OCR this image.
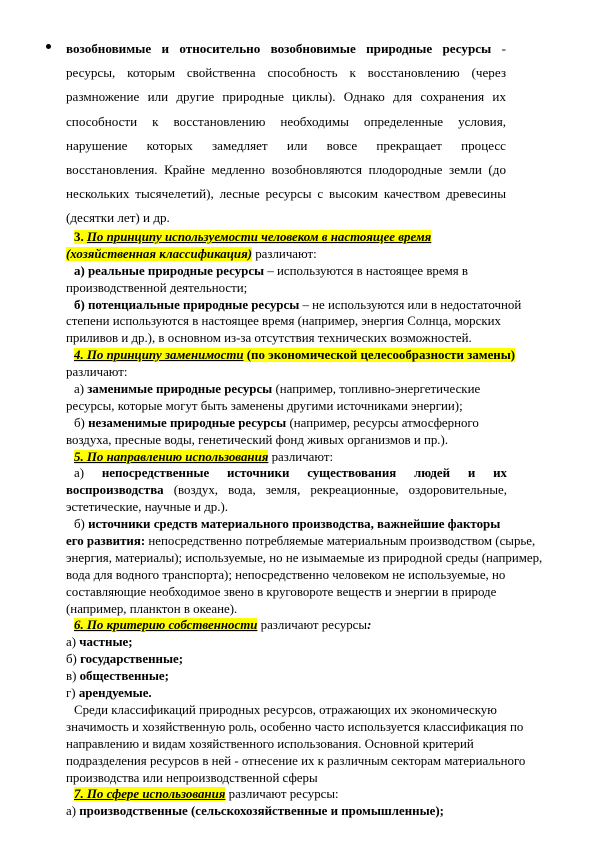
возобновимые и относительно возобновимые природные ресурсы -
ресурсы, которым свойственна способность к восстановлению (через
размножение или другие природные циклы). Однако для сохранения их
способности к восстановлению необходимы определенные условия,
нарушение которых замедляет или вовсе прекращает процесс
восстановления. Крайне медленно возобновляются плодородные земли (до
нескольких тысячелетий), лесные ресурсы с высоким качеством древесины
(десятки лет) и др.
3. По принципу используемости человеком в настоящее время
(хозяйственная классификация) различают:
а) реальные природные ресурсы – используются в настоящее время в
производственной деятельности;
б) потенциальные природные ресурсы – не используются или в недостаточной
степени используются в настоящее время (например, энергия Солнца, морских
приливов и др.), в основном из-за отсутствия технических возможностей.
4. По принципу заменимости (по экономической целесообразности замены)
различают:
а) заменимые природные ресурсы (например, топливно-энергетические
ресурсы, которые могут быть заменены другими источниками энергии);
б) незаменимые природные ресурсы (например, ресурсы атмосферного
воздуха, пресные воды, генетический фонд живых организмов и пр.).
5. По направлению использования различают:
а) непосредственные источники существования людей и их
воспроизводства (воздух, вода, земля, рекреационные, оздоровительные,
эстетические, научные и др.).
б) источники средств материального производства, важнейшие факторы
его развития: непосредственно потребляемые материальным производством (сырье,
энергия, материалы); используемые, но не изымаемые из природной среды (например,
вода для водного транспорта); непосредственно человеком не используемые, но
составляющие необходимое звено в круговороте веществ и энергии в природе
(например, планктон в океане).
6. По критерию собственности различают ресурсы:
а) частные;
б) государственные;
в) общественные;
г) арендуемые.
Среди классификаций природных ресурсов, отражающих их экономическую
значимость и хозяйственную роль, особенно часто используется классификация по
направлению и видам хозяйственного использования. Основной критерий
подразделения ресурсов в ней - отнесение их к различным секторам материального
производства или непроизводственной сферы
7. По сфере использования различают ресурсы:
а) производственные (сельскохозяйственные и промышленные);
